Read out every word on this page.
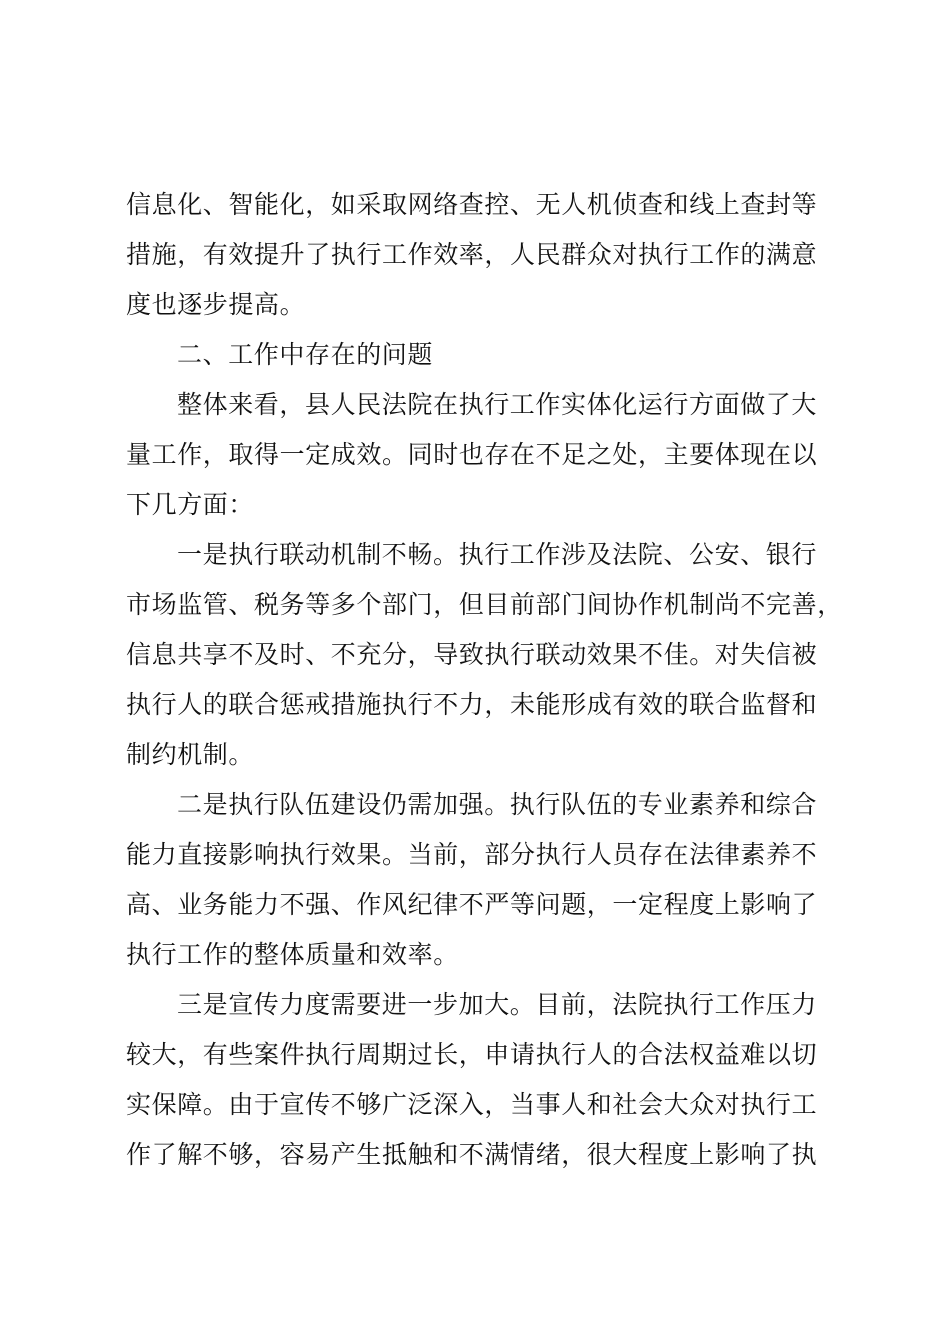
信息化、智能化，如采取网络查控、无人机侦查和线上查封等
措施，有效提升了执行工作效率，人民群众对执行工作的满意
度也逐步提高。

二、工作中存在的问题

整体来看，县人民法院在执行工作实体化运行方面做了大
量工作，取得一定成效。同时也存在不足之处，主要体现在以
下几方面：

一是执行联动机制不畅。执行工作涉及法院、公安、银行
市场监管、税务等多个部门，但目前部门间协作机制尚不完善，
信息共享不及时、不充分，导致执行联动效果不佳。对失信被
执行人的联合惩戒措施执行不力，未能形成有效的联合监督和
制约机制。

二是执行队伍建设仍需加强。执行队伍的专业素养和综合
能力直接影响执行效果。当前，部分执行人员存在法律素养不
高、业务能力不强、作风纪律不严等问题，一定程度上影响了
执行工作的整体质量和效率。

三是宣传力度需要进一步加大。目前，法院执行工作压力
较大，有些案件执行周期过长，申请执行人的合法权益难以切
实保障。由于宣传不够广泛深入，当事人和社会大众对执行工
作了解不够，容易产生抵触和不满情绪，很大程度上影响了执
